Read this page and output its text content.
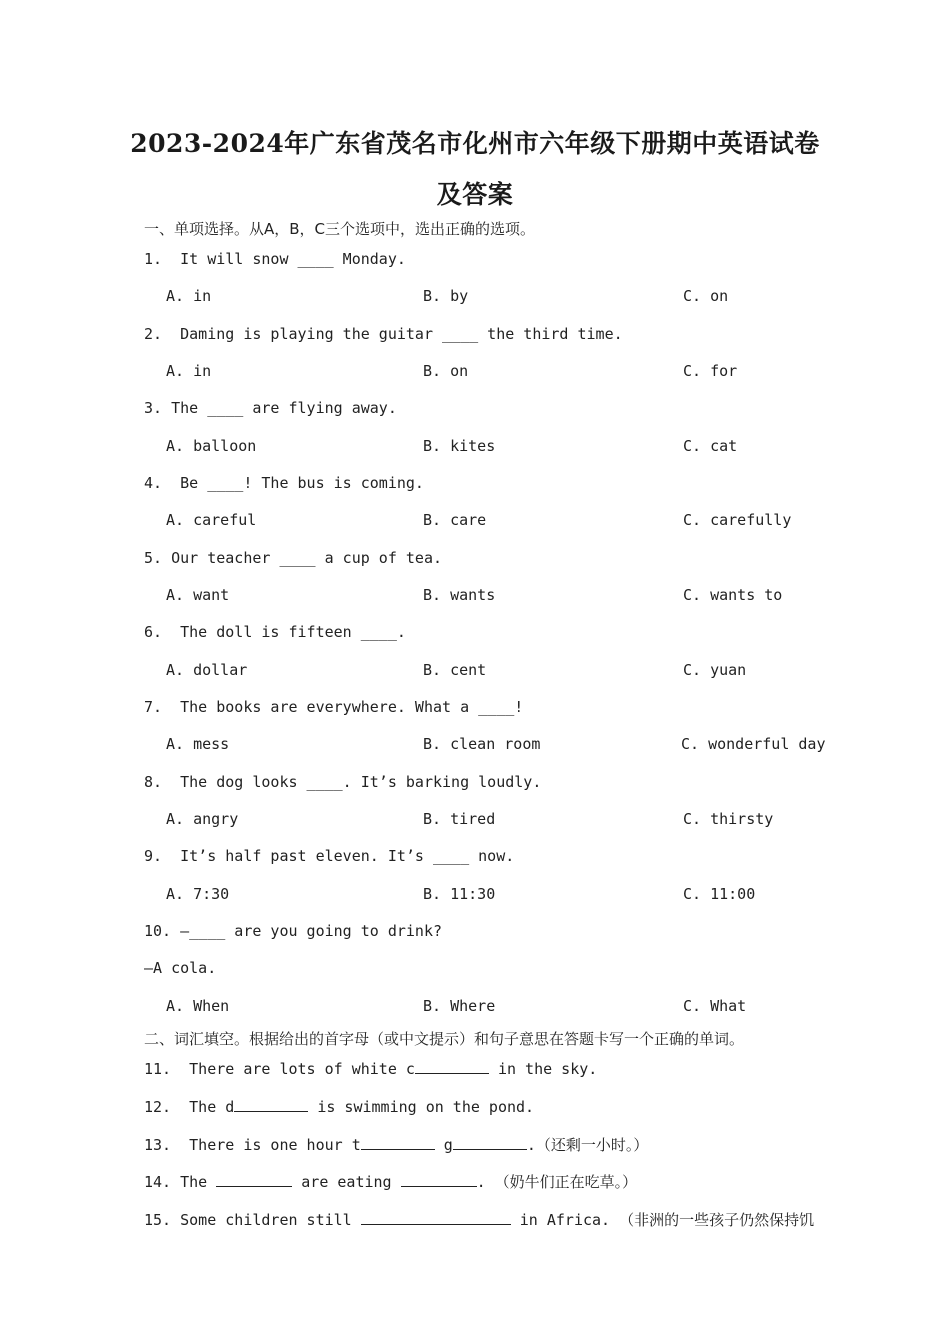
2023-2024年广东省茂名市化州市六年级下册期中英语试卷
及答案
一、单项选择。从A，B，C三个选项中，选出正确的选项。
1.  It will snow ____ Monday.
A. in	B. by	C. on
2.  Daming is playing the guitar ____ the third time.
A. in	B. on	C. for
3. The ____ are flying away.
A. balloon	B. kites	C. cat
4.  Be ____! The bus is coming.
A. careful	B. care	C. carefully
5. Our teacher ____ a cup of tea.
A. want	B. wants	C. wants to
6.  The doll is fifteen ____.
A. dollar	B. cent	C. yuan
7.  The books are everywhere. What a ____!
A. mess	B. clean room	C. wonderful day
8.  The dog looks ____. It’s barking loudly.
A. angry	B. tired	C. thirsty
9.  It’s half past eleven. It’s ____ now.
A. 7:30	B. 11:30	C. 11:00
10. —____ are you going to drink?
—A cola.
A. When	B. Where	C. What
二、词汇填空。根据给出的首字母（或中文提示）和句子意思在答题卡写一个正确的单词。
11.  There are lots of white c	in the sky.
12.  The d	is swimming on the pond.
13.  There is one hour t	g	.（还剩一小时。）
14. The	are eating	. （奶牛们正在吃草。）
15. Some children still	in Africa. （非洲的一些孩子仍然保持饥
